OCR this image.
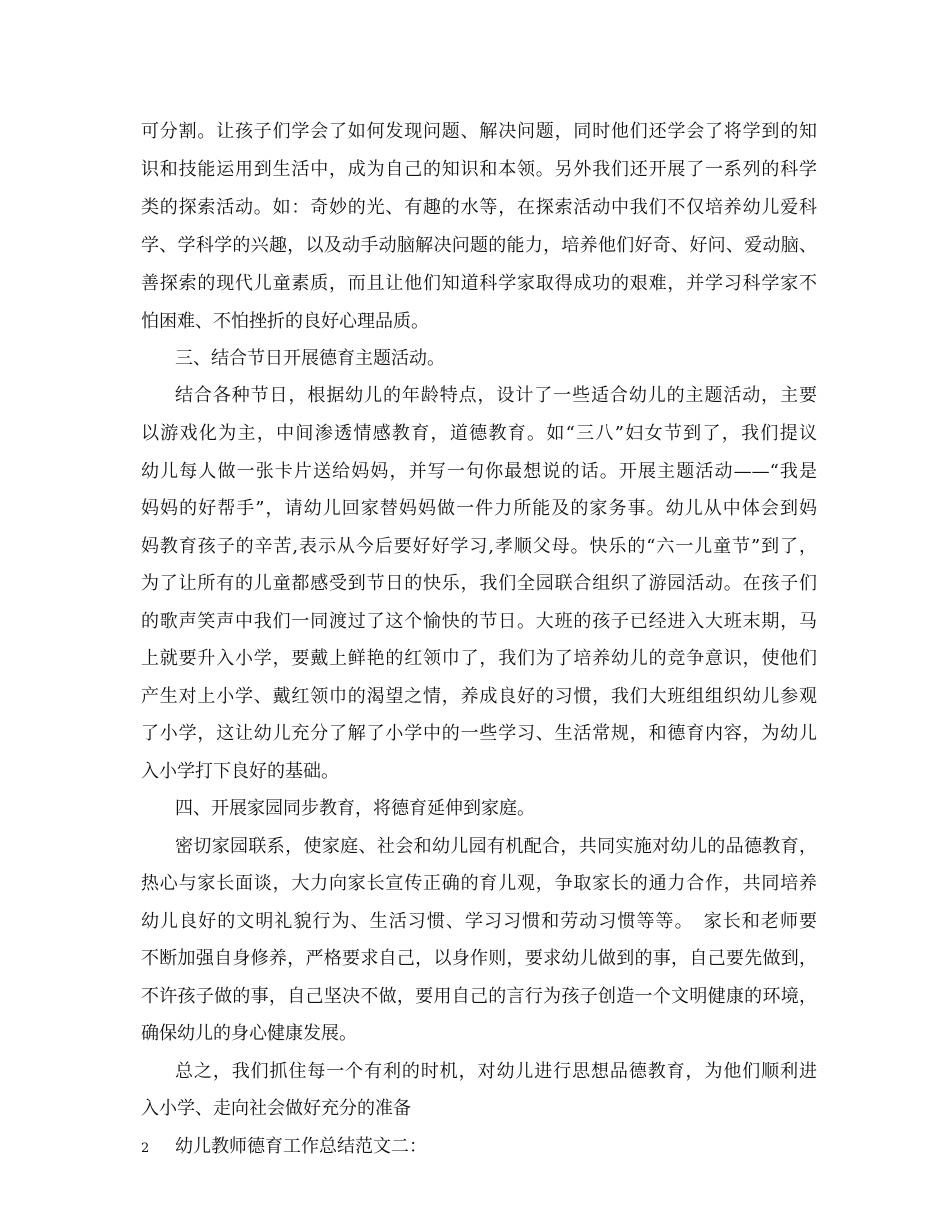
可分割。让孩子们学会了如何发现问题、解决问题，同时他们还学会了将学到的知
识和技能运用到生活中，成为自己的知识和本领。另外我们还开展了一系列的科学
类的探索活动。如：奇妙的光、有趣的水等，在探索活动中我们不仅培养幼儿爱科
学、学科学的兴趣，以及动手动脑解决问题的能力，培养他们好奇、好问、爱动脑、
善探索的现代儿童素质，而且让他们知道科学家取得成功的艰难，并学习科学家不
怕困难、不怕挫折的良好心理品质。
三、结合节日开展德育主题活动。
结合各种节日，根据幼儿的年龄特点，设计了一些适合幼儿的主题活动，主要
以游戏化为主，中间渗透情感教育，道德教育。如“三八”妇女节到了，我们提议
幼儿每人做一张卡片送给妈妈，并写一句你最想说的话。开展主题活动——“我是
妈妈的好帮手”，请幼儿回家替妈妈做一件力所能及的家务事。幼儿从中体会到妈
妈教育孩子的辛苦,表示从今后要好好学习,孝顺父母。快乐的“六一儿童节”到了，
为了让所有的儿童都感受到节日的快乐，我们全园联合组织了游园活动。在孩子们
的歌声笑声中我们一同渡过了这个愉快的节日。大班的孩子已经进入大班末期，马
上就要升入小学，要戴上鲜艳的红领巾了，我们为了培养幼儿的竞争意识，使他们
产生对上小学、戴红领巾的渴望之情，养成良好的习惯，我们大班组组织幼儿参观
了小学，这让幼儿充分了解了小学中的一些学习、生活常规，和德育内容，为幼儿
入小学打下良好的基础。
四、开展家园同步教育，将德育延伸到家庭。
密切家园联系，使家庭、社会和幼儿园有机配合，共同实施对幼儿的品德教育，
热心与家长面谈，大力向家长宣传正确的育儿观，争取家长的通力合作，共同培养
幼儿良好的文明礼貌行为、生活习惯、学习习惯和劳动习惯等等。　家长和老师要
不断加强自身修养，严格要求自己，以身作则，要求幼儿做到的事，自己要先做到，
不许孩子做的事，自己坚决不做，要用自己的言行为孩子创造一个文明健康的环境，
确保幼儿的身心健康发展。
总之，我们抓住每一个有利的时机，对幼儿进行思想品德教育，为他们顺利进
入小学、走向社会做好充分的准备
幼儿教师德育工作总结范文二：
2
